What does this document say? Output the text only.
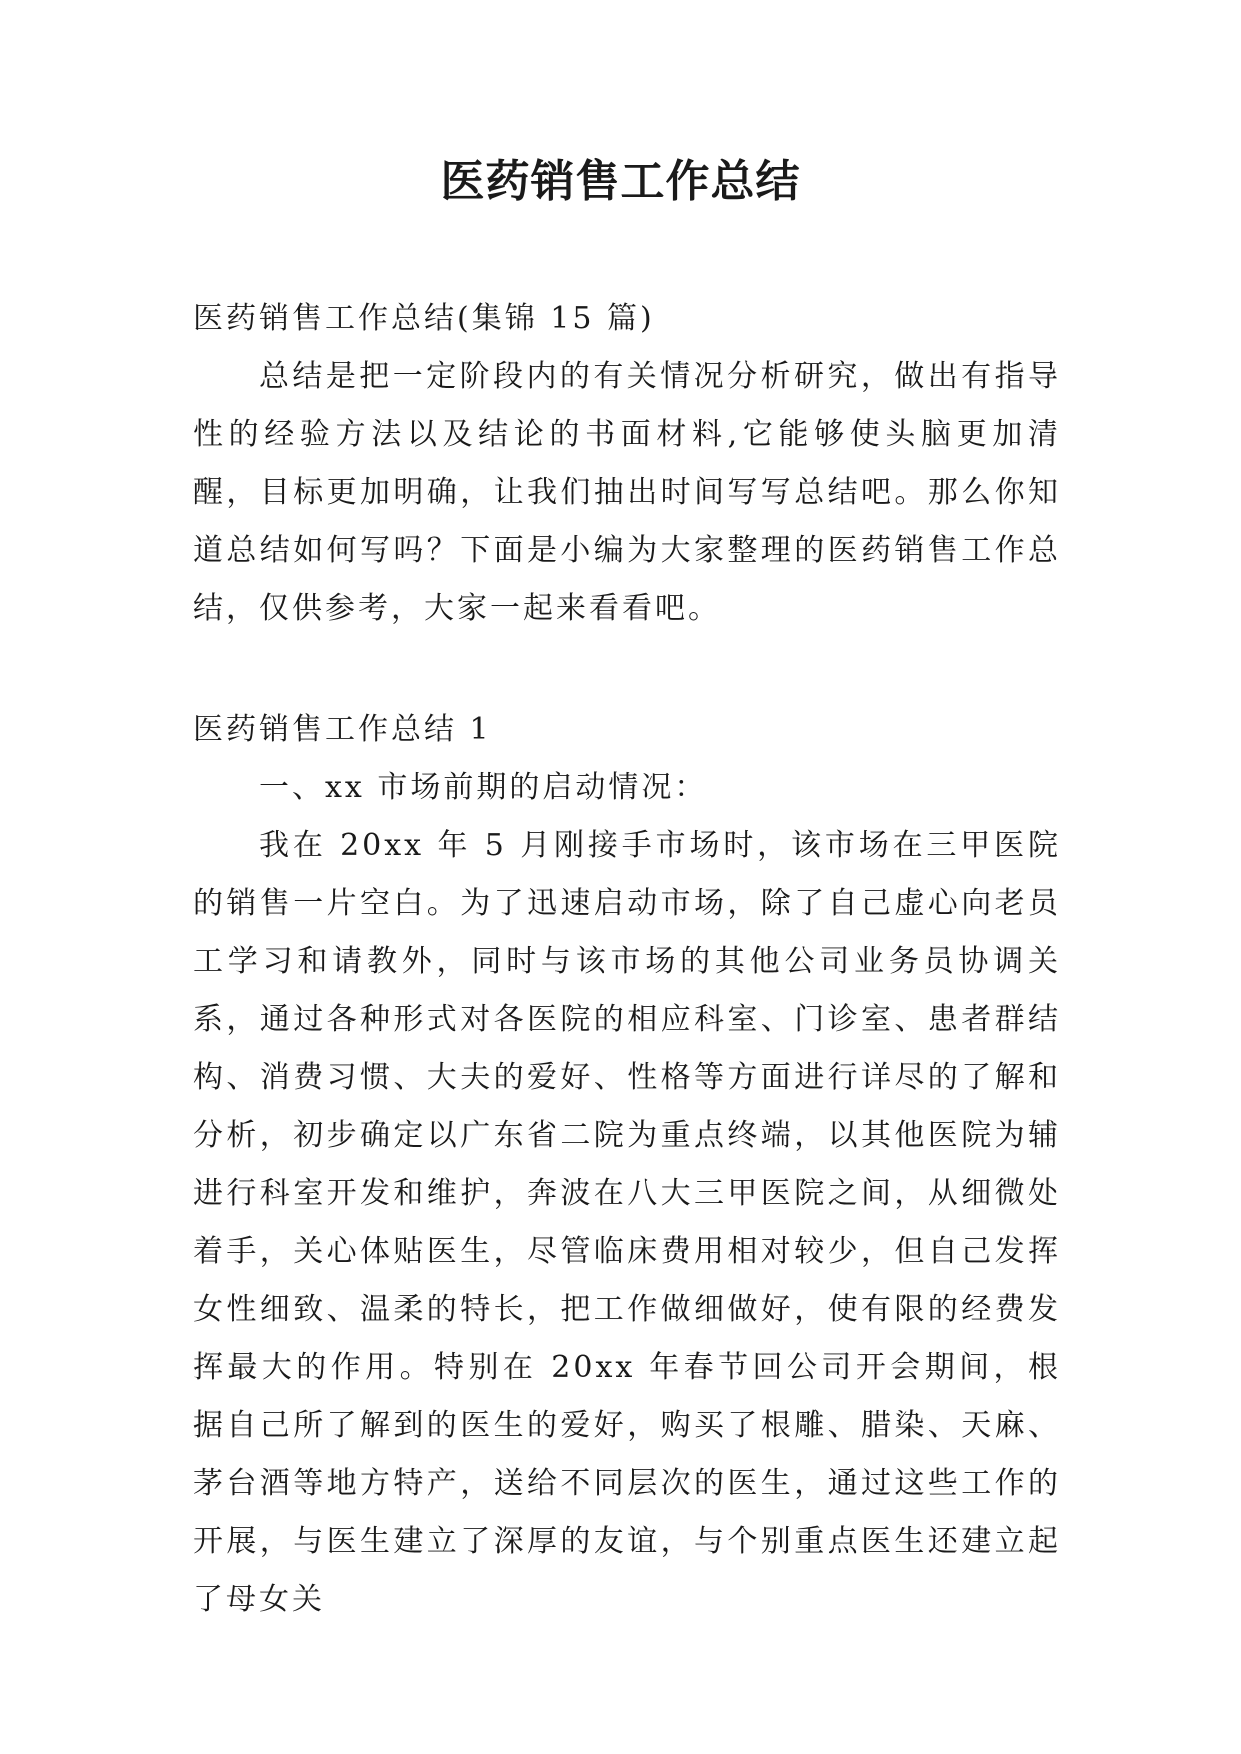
医药销售工作总结

医药销售工作总结(集锦 15 篇)

总结是把一定阶段内的有关情况分析研究，做出有指导性的经验方法以及结论的书面材料,它能够使头脑更加清醒，目标更加明确，让我们抽出时间写写总结吧。那么你知道总结如何写吗？下面是小编为大家整理的医药销售工作总结，仅供参考，大家一起来看看吧。

医药销售工作总结 1

一、xx 市场前期的启动情况：

我在 20xx 年 5 月刚接手市场时，该市场在三甲医院的销售一片空白。为了迅速启动市场，除了自己虚心向老员工学习和请教外，同时与该市场的其他公司业务员协调关系，通过各种形式对各医院的相应科室、门诊室、患者群结构、消费习惯、大夫的爱好、性格等方面进行详尽的了解和分析，初步确定以广东省二院为重点终端，以其他医院为辅进行科室开发和维护，奔波在八大三甲医院之间，从细微处着手，关心体贴医生，尽管临床费用相对较少，但自己发挥女性细致、温柔的特长，把工作做细做好，使有限的经费发挥最大的作用。特别在 20xx 年春节回公司开会期间，根据自己所了解到的医生的爱好，购买了根雕、腊染、天麻、茅台酒等地方特产，送给不同层次的医生，通过这些工作的开展，与医生建立了深厚的友谊，与个别重点医生还建立起了母女关
